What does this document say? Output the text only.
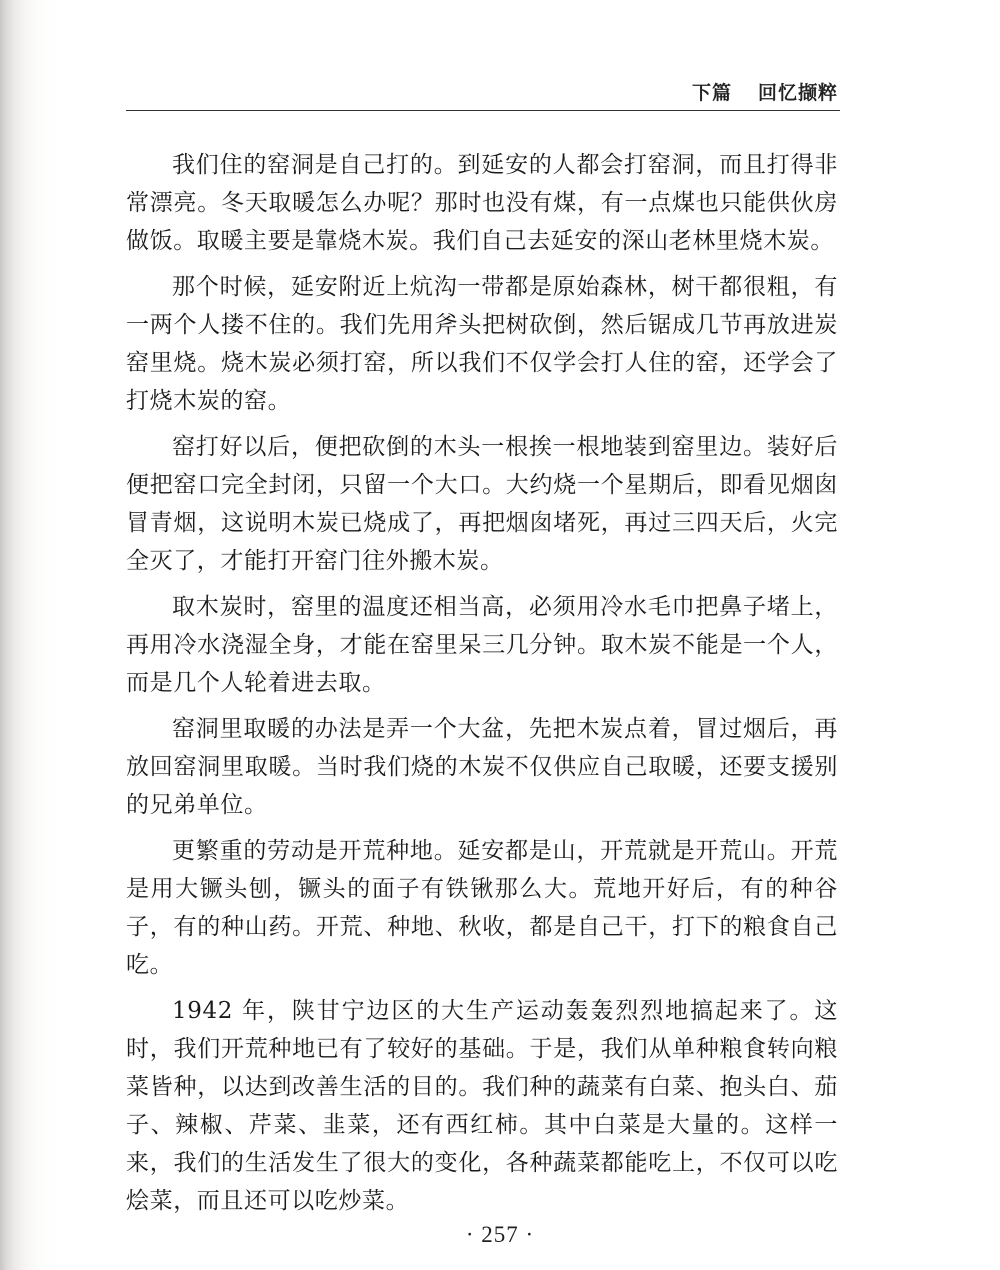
下篇 回忆撷粹

我们住的窑洞是自己打的。到延安的人都会打窑洞，而且打得非常漂亮。冬天取暖怎么办呢？那时也没有煤，有一点煤也只能供伙房做饭。取暖主要是靠烧木炭。我们自己去延安的深山老林里烧木炭。

那个时候，延安附近上炕沟一带都是原始森林，树干都很粗，有一两个人搂不住的。我们先用斧头把树砍倒，然后锯成几节再放进炭窑里烧。烧木炭必须打窑，所以我们不仅学会打人住的窑，还学会了打烧木炭的窑。

窑打好以后，便把砍倒的木头一根挨一根地装到窑里边。装好后便把窑口完全封闭，只留一个大口。大约烧一个星期后，即看见烟囱冒青烟，这说明木炭已烧成了，再把烟囱堵死，再过三四天后，火完全灭了，才能打开窑门往外搬木炭。

取木炭时，窑里的温度还相当高，必须用冷水毛巾把鼻子堵上，再用冷水浇湿全身，才能在窑里呆三几分钟。取木炭不能是一个人，而是几个人轮着进去取。

窑洞里取暖的办法是弄一个大盆，先把木炭点着，冒过烟后，再放回窑洞里取暖。当时我们烧的木炭不仅供应自己取暖，还要支援别的兄弟单位。

更繁重的劳动是开荒种地。延安都是山，开荒就是开荒山。开荒是用大镢头刨，镢头的面子有铁锹那么大。荒地开好后，有的种谷子，有的种山药。开荒、种地、秋收，都是自己干，打下的粮食自己吃。

1942 年，陕甘宁边区的大生产运动轰轰烈烈地搞起来了。这时，我们开荒种地已有了较好的基础。于是，我们从单种粮食转向粮菜皆种，以达到改善生活的目的。我们种的蔬菜有白菜、抱头白、茄子、辣椒、芹菜、韭菜，还有西红柿。其中白菜是大量的。这样一来，我们的生活发生了很大的变化，各种蔬菜都能吃上，不仅可以吃烩菜，而且还可以吃炒菜。

· 257 ·
